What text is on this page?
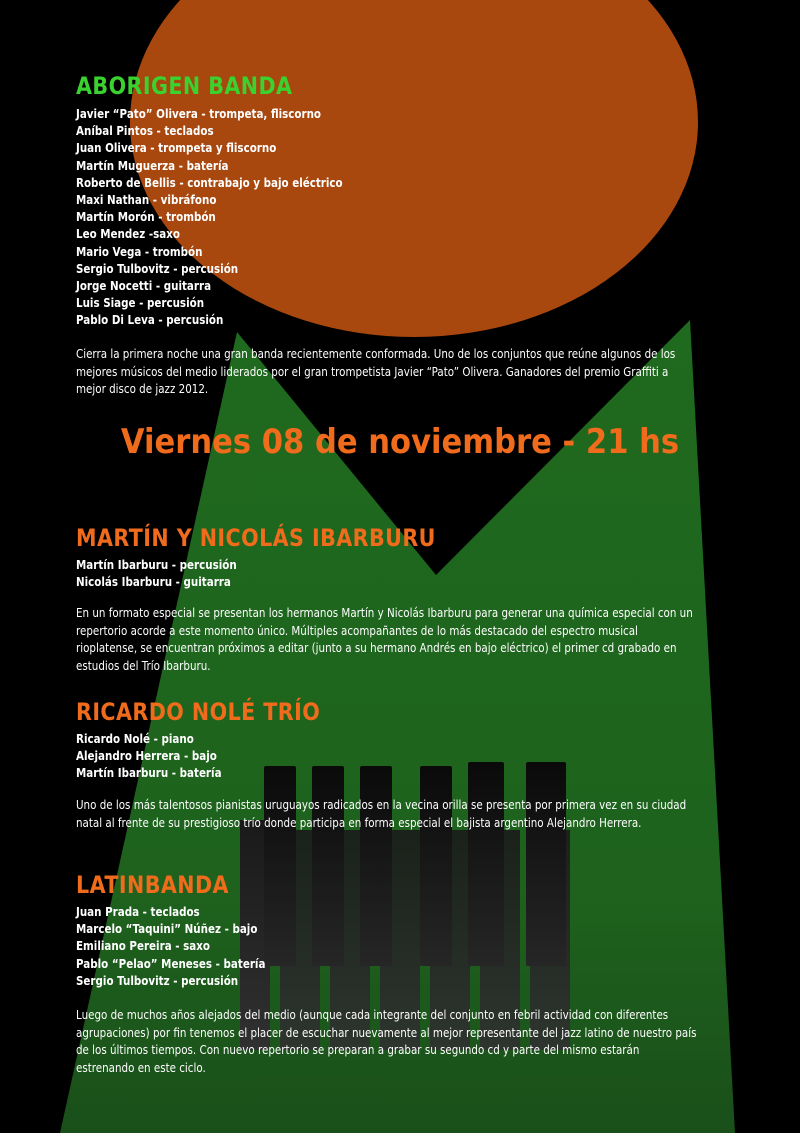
ABORIGEN BANDA
Javier “Pato” Olivera - trompeta, fliscorno
Aníbal Pintos - teclados
Juan Olivera - trompeta y fliscorno
Martín Muguerza - batería
Roberto de Bellis - contrabajo y bajo eléctrico
Maxi Nathan - vibráfono
Martín Morón - trombón
Leo Mendez -saxo
Mario Vega - trombón
Sergio Tulbovitz - percusión
Jorge Nocetti - guitarra
Luis Siage - percusión
Pablo Di Leva - percusión

Cierra la primera noche una gran banda recientemente conformada. Uno de los conjuntos que reúne algunos de los mejores músicos del medio liderados por el gran trompetista Javier “Pato” Olivera. Ganadores del premio Graffiti a mejor disco de jazz 2012.

Viernes 08 de noviembre - 21 hs
MARTÍN Y NICOLÁS IBARBURU
Martín Ibarburu - percusión
Nicolás Ibarburu - guitarra

En un formato especial se presentan los hermanos Martín y Nicolás Ibarburu para generar una química especial con un repertorio acorde a este momento único. Múltiples acompañantes de lo más destacado del espectro musical rioplatense, se encuentran próximos a editar (junto a su hermano Andrés en bajo eléctrico) el primer cd grabado en estudios del Trío Ibarburu.

RICARDO NOLÉ TRÍO
Ricardo Nolé - piano
Alejandro Herrera - bajo
Martín Ibarburu - batería

Uno de los más talentosos pianistas uruguayos radicados en la vecina orilla se presenta por primera vez en su ciudad natal al frente de su prestigioso trío donde participa en forma especial el bajista argentino Alejandro Herrera.

LATINBANDA
Juan Prada - teclados
Marcelo “Taquini” Núñez - bajo
Emiliano Pereira - saxo
Pablo “Pelao” Meneses - batería
Sergio Tulbovitz - percusión

Luego de muchos años alejados del medio (aunque cada integrante del conjunto en febril actividad con diferentes agrupaciones) por fin tenemos el placer de escuchar nuevamente al mejor representante del jazz latino de nuestro país de los últimos tiempos. Con nuevo repertorio se preparan a grabar su segundo cd y parte del mismo estarán estrenando en este ciclo.
